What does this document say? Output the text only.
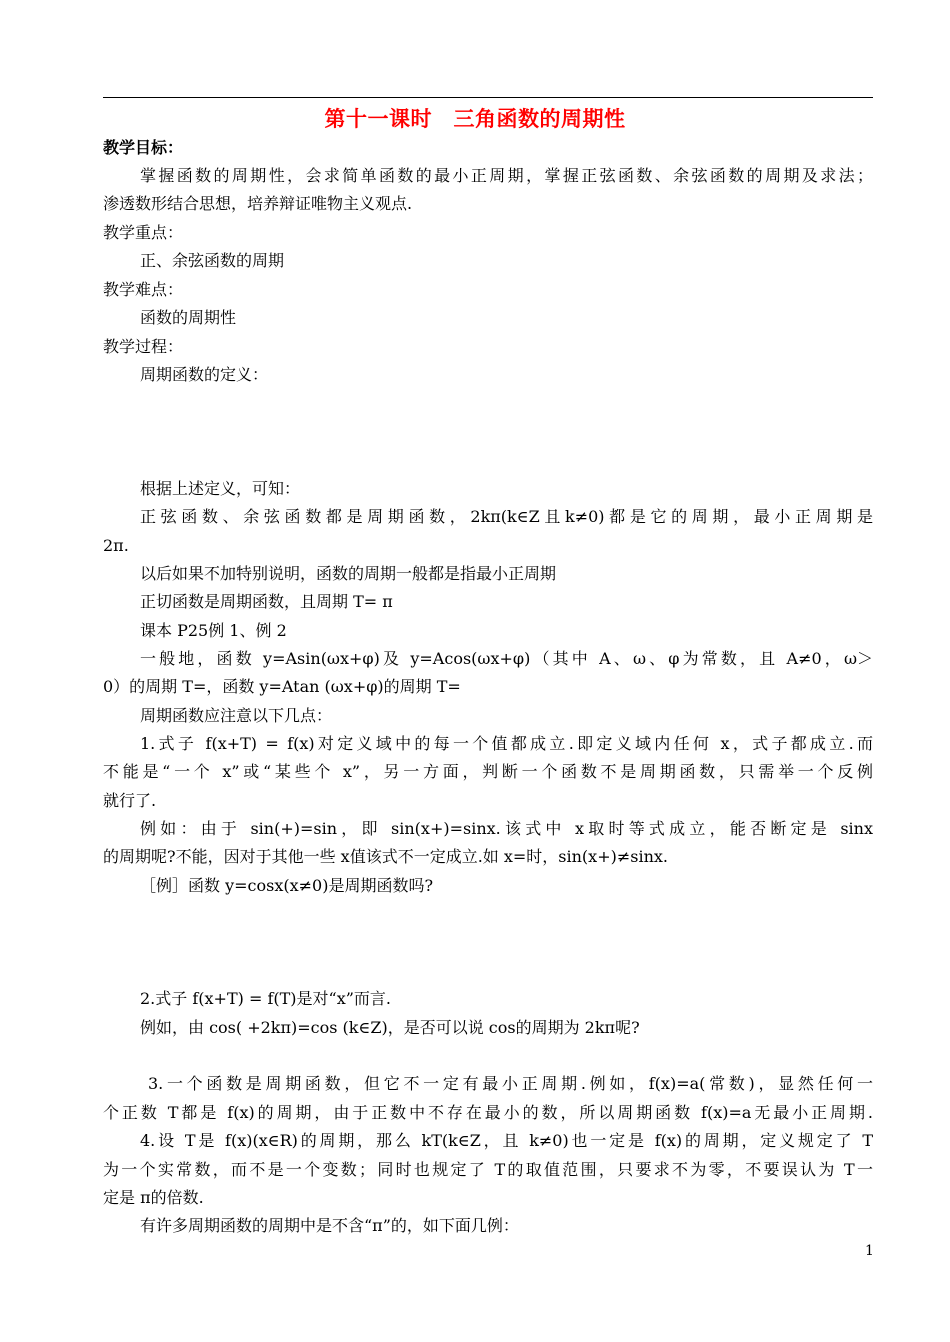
第十一课时　三角函数的周期性
教学目标：
掌握函数的周期性，会求简单函数的最小正周期，掌握正弦函数、余弦函数的周期及求法；
渗透数形结合思想，培养辩证唯物主义观点.
教学重点：
正、余弦函数的周期
教学难点：
函数的周期性
教学过程：
周期函数的定义：
根据上述定义，可知：
正弦函数、余弦函数都是周期函数，2kπ(k∈Z且k≠0)都是它的周期，最小正周期是
2π.
以后如果不加特别说明，函数的周期一般都是指最小正周期
正切函数是周期函数，且周期 T= π
课本 P25例 1、例 2
一般地，函数 y=Asin(ωx+φ)及 y=Acos(ωx+φ)（其中 A、ω、φ为常数，且 A≠0，ω＞
0）的周期 T=，函数 y=Atan (ωx+φ)的周期 T=
周期函数应注意以下几点：
1.式子 f(x+T) = f(x)对定义域中的每一个值都成立.即定义域内任何 x，式子都成立.而
不能是“一个 x”或“某些个 x”，另一方面，判断一个函数不是周期函数，只需举一个反例
就行了.
例如：由于 sin(+)=sin，即 sin(x+)=sinx.该式中 x取时等式成立，能否断定是 sinx
的周期呢?不能，因对于其他一些 x值该式不一定成立.如 x=时，sin(x+)≠sinx.
［例］函数 y=cosx(x≠0)是周期函数吗?
2.式子 f(x+T) = f(T)是对“x”而言.
例如，由 cos( +2kπ)=cos (k∈Z)，是否可以说 cos的周期为 2kπ呢?
3.一个函数是周期函数，但它不一定有最小正周期.例如，f(x)=a(常数)，显然任何一
个正数 T都是 f(x)的周期，由于正数中不存在最小的数，所以周期函数 f(x)=a无最小正周期.
4.设 T是 f(x)(x∈R)的周期，那么 kT(k∈Z，且 k≠0)也一定是 f(x)的周期，定义规定了 T
为一个实常数，而不是一个变数；同时也规定了 T的取值范围，只要求不为零，不要误认为 T一
定是 π的倍数.
有许多周期函数的周期中是不含“π”的，如下面几例：
1
